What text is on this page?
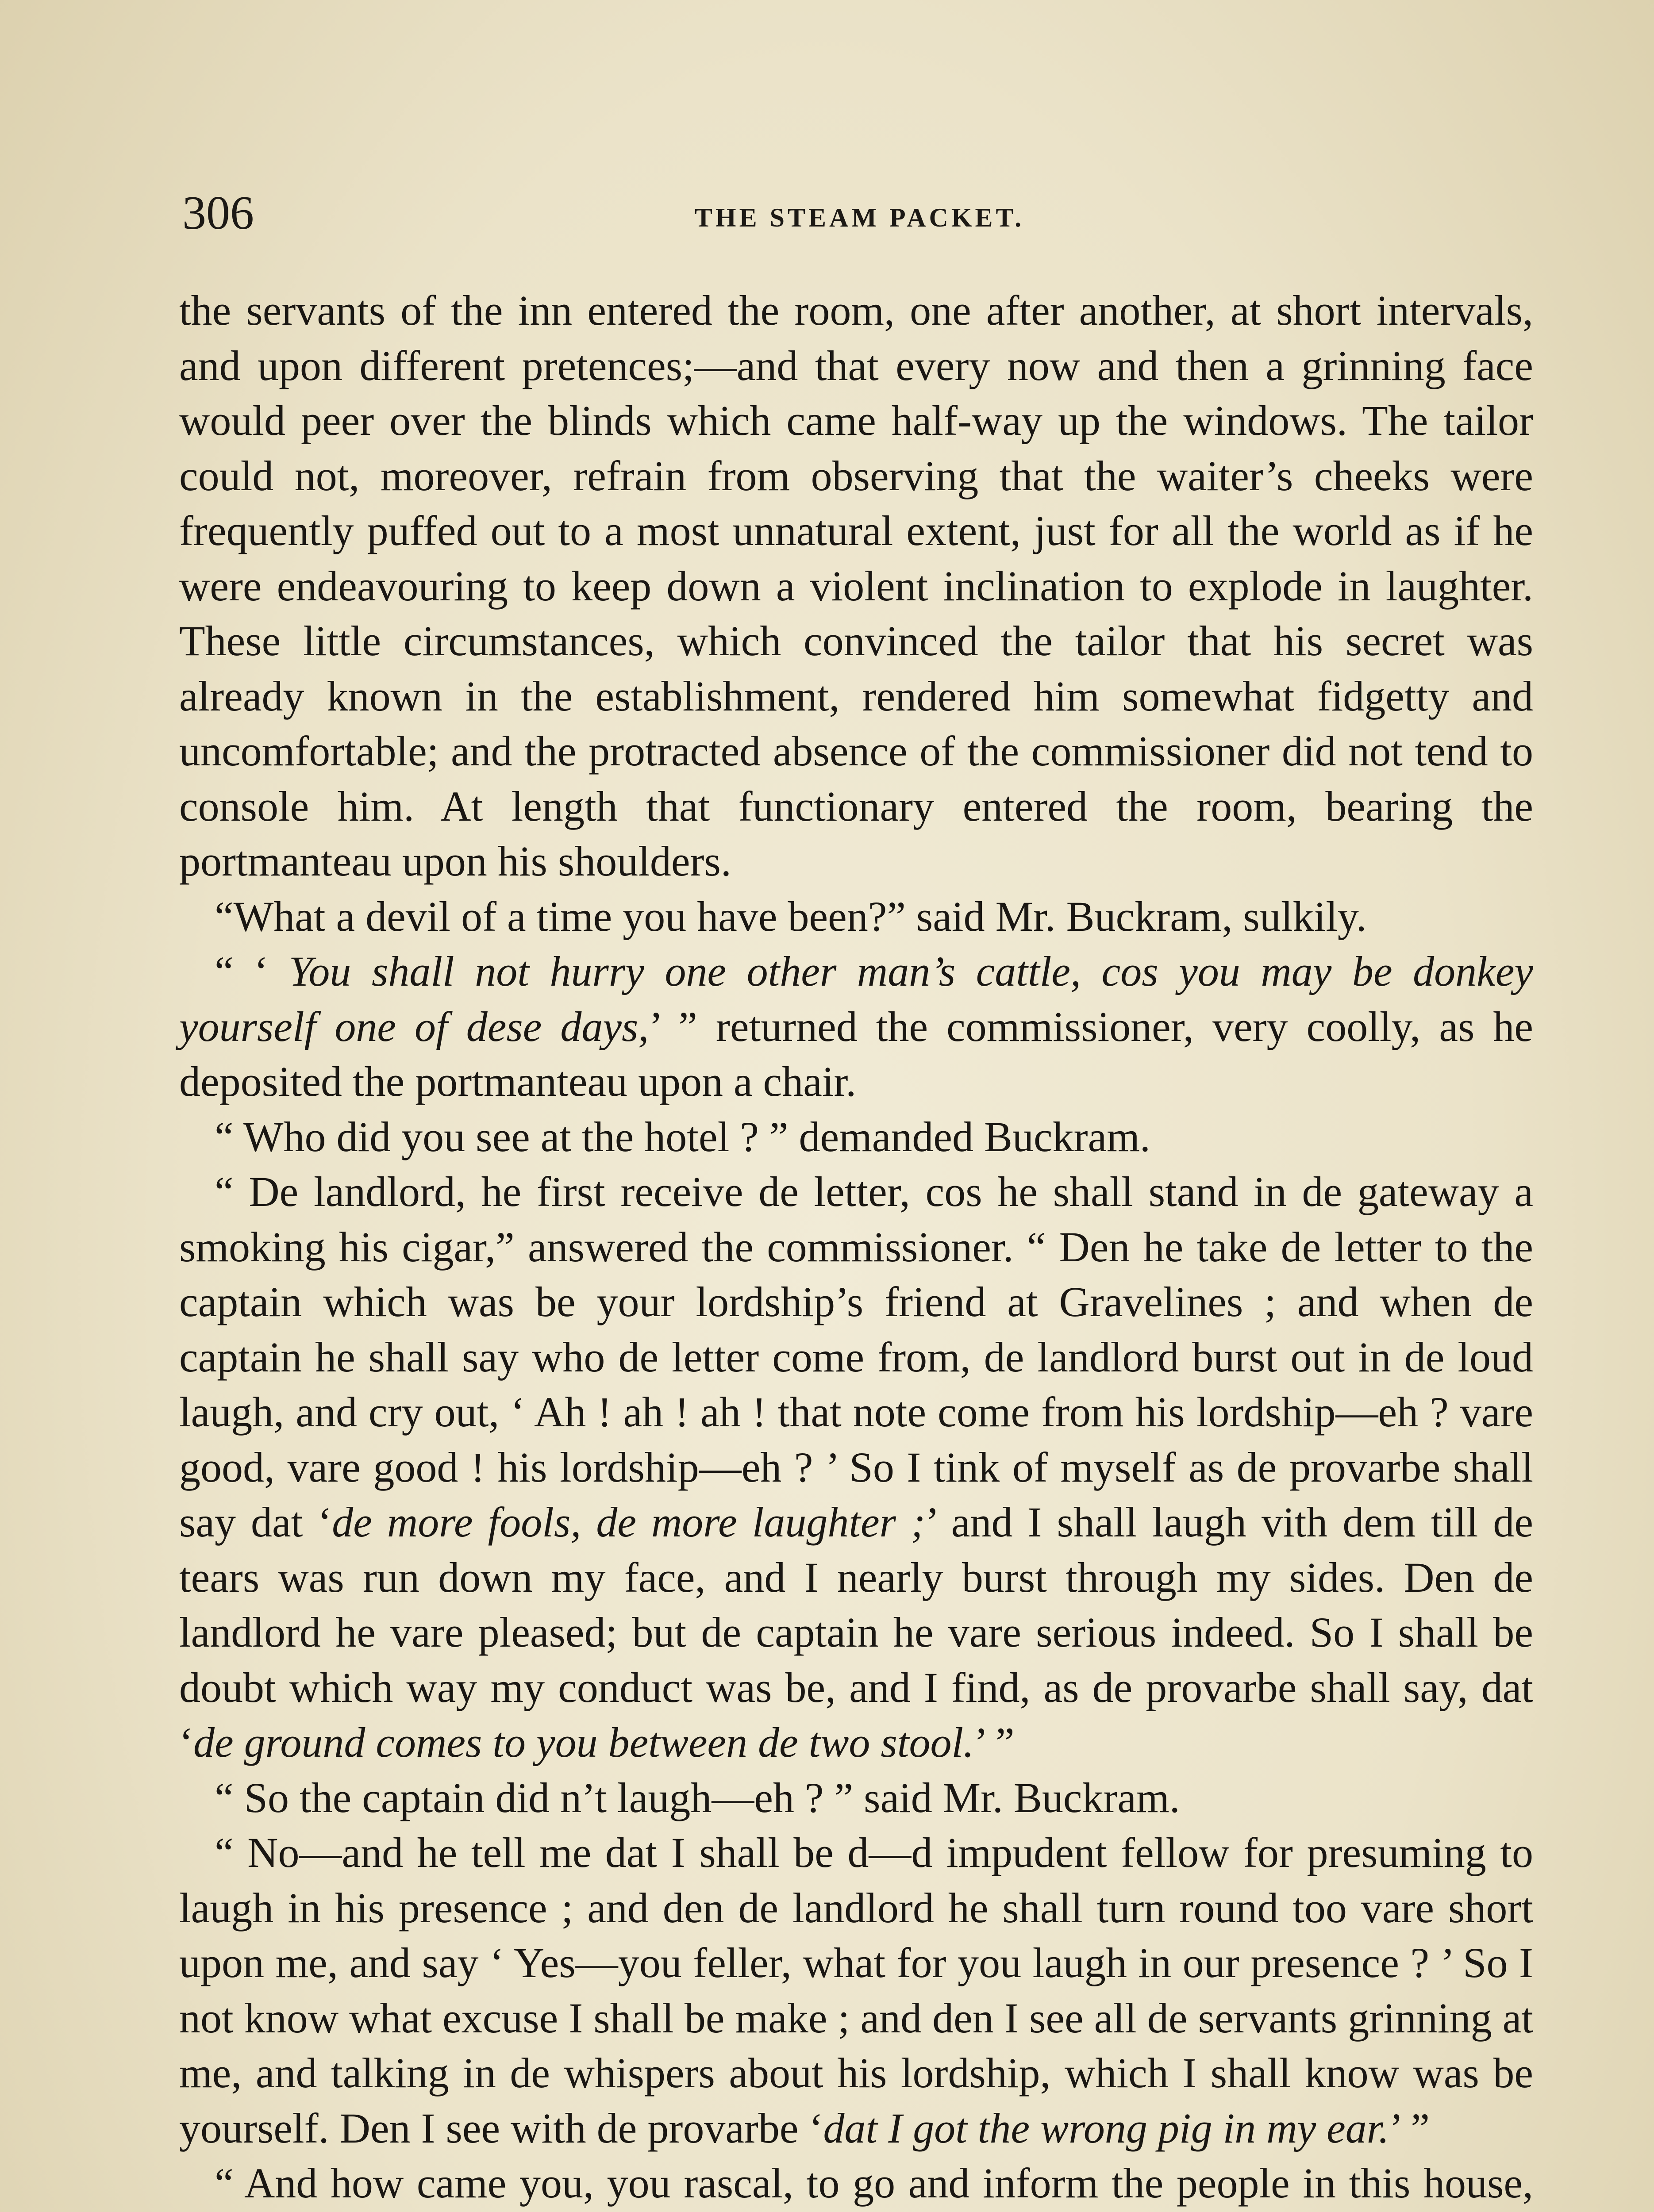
306	THE STEAM PACKET.

the servants of the inn entered the room, one after another, at short intervals, and upon different pretences;—and that every now and then a grinning face would peer over the blinds which came half-way up the windows. The tailor could not, moreover, refrain from observing that the waiter’s cheeks were frequently puffed out to a most unnatural extent, just for all the world as if he were endeavouring to keep down a violent inclination to explode in laughter. These little circumstances, which convinced the tailor that his secret was already known in the establishment, rendered him somewhat fidgetty and uncomfortable; and the protracted absence of the commissioner did not tend to console him. At length that functionary entered the room, bearing the portmanteau upon his shoulders.

“What a devil of a time you have been?” said Mr. Buckram, sulkily.

“ ‘ You shall not hurry one other man’s cattle, cos you may be donkey yourself one of dese days,’ ” returned the commissioner, very coolly, as he deposited the portmanteau upon a chair.

“ Who did you see at the hotel ? ” demanded Buckram.

“ De landlord, he first receive de letter, cos he shall stand in de gateway a smoking his cigar,” answered the commissioner. “ Den he take de letter to the captain which was be your lordship’s friend at Gravelines ; and when de captain he shall say who de letter come from, de landlord burst out in de loud laugh, and cry out, ‘ Ah ! ah ! ah ! that note come from his lordship—eh ? vare good, vare good ! his lordship—eh ? ’ So I tink of myself as de provarbe shall say dat ‘de more fools, de more laughter ;’ and I shall laugh vith dem till de tears was run down my face, and I nearly burst through my sides. Den de landlord he vare pleased; but de captain he vare serious indeed. So I shall be doubt which way my conduct was be, and I find, as de provarbe shall say, dat ‘de ground comes to you between de two stool.’ ”

“ So the captain did n’t laugh—eh ? ” said Mr. Buckram.

“ No—and he tell me dat I shall be d—d impudent fellow for presuming to laugh in his presence ; and den de landlord he shall turn round too vare short upon me, and say ‘ Yes—you feller, what for you laugh in our presence ? ’ So I not know what excuse I shall be make ; and den I see all de servants grinning at me, and talking in de whispers about his lordship, which I shall know was be yourself. Den I see with de provarbe ‘dat I got the wrong pig in my ear.’ ”

“ And how came you, you rascal, to go and inform the people in this house,
